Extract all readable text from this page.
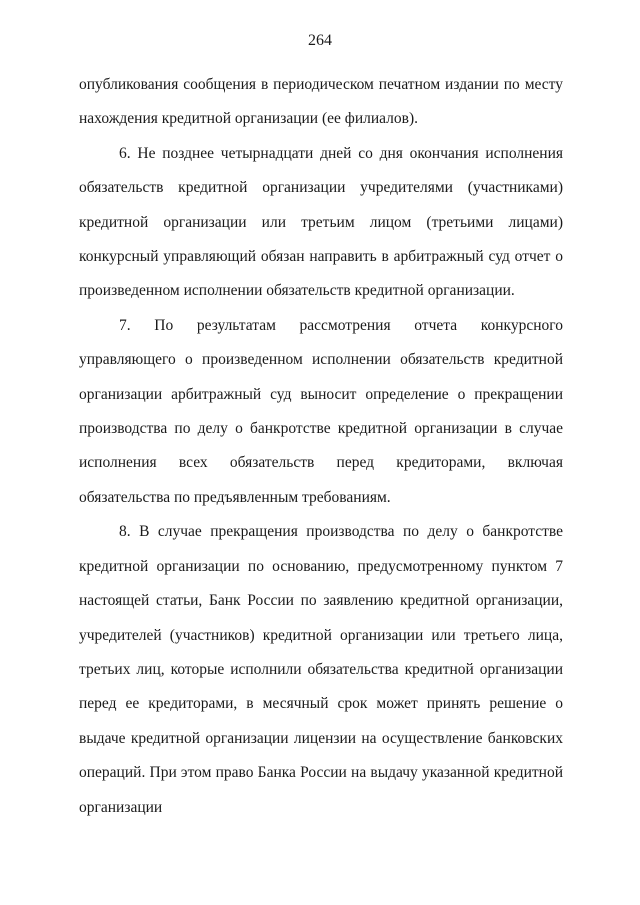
264

опубликования сообщения в периодическом печатном издании по месту нахождения кредитной организации (ее филиалов).

6. Не позднее четырнадцати дней со дня окончания исполнения обязательств кредитной организации учредителями (участниками) кредитной организации или третьим лицом (третьими лицами) конкурсный управляющий обязан направить в арбитражный суд отчет о произведенном исполнении обязательств кредитной организации.

7. По результатам рассмотрения отчета конкурсного управляющего о произведенном исполнении обязательств кредитной организации арбитражный суд выносит определение о прекращении производства по делу о банкротстве кредитной организации в случае исполнения всех обязательств перед кредиторами, включая обязательства по предъявленным требованиям.

8. В случае прекращения производства по делу о банкротстве кредитной организации по основанию, предусмотренному пунктом 7 настоящей статьи, Банк России по заявлению кредитной организации, учредителей (участников) кредитной организации или третьего лица, третьих лиц, которые исполнили обязательства кредитной организации перед ее кредиторами, в месячный срок может принять решение о выдаче кредитной организации лицензии на осуществление банковских операций. При этом право Банка России на выдачу указанной кредитной организации
